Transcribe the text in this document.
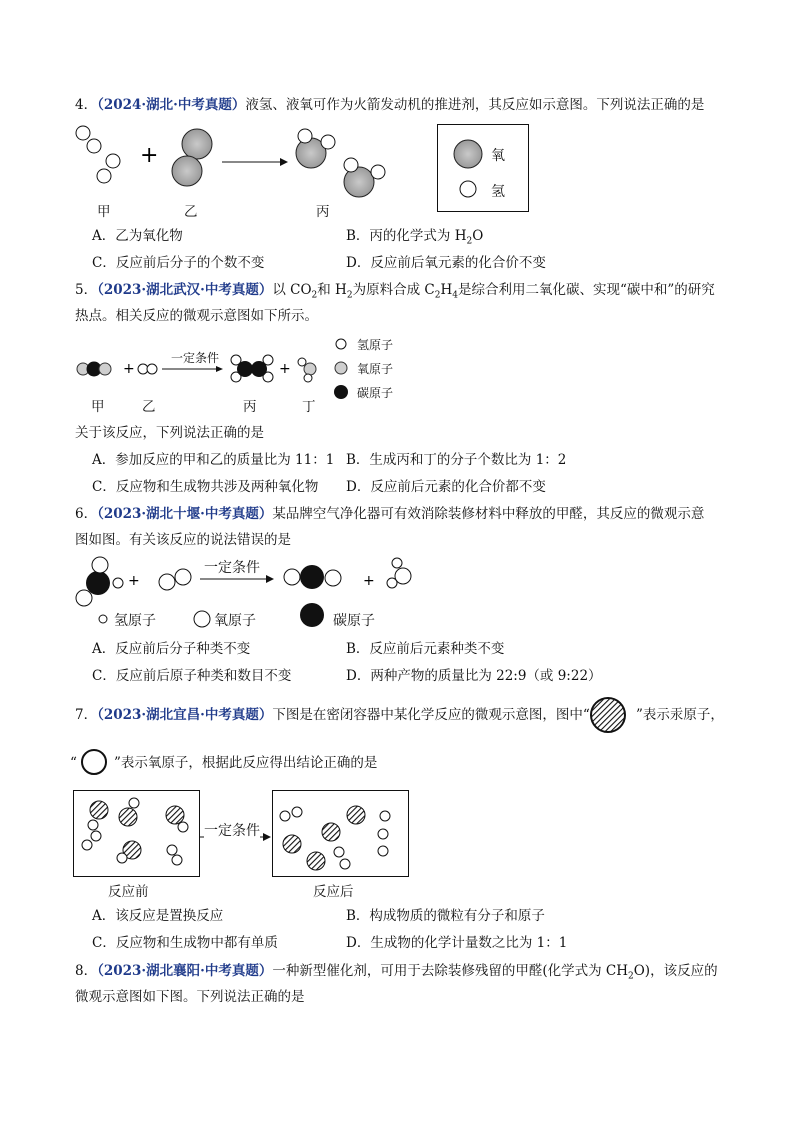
4．（2024·湖北·中考真题）液氢、液氧可作为火箭发动机的推进剂，其反应如示意图。下列说法正确的是
+
甲	乙	丙
氧
氢
A．乙为氧化物	B．丙的化学式为 $H_2O$
C．反应前后分子的个数不变	D．反应前后氧元素的化合价不变
5．（2023·湖北武汉·中考真题）以 $CO_2$和 $H_2$为原料合成 $C_2H_4$是综合利用二氧化碳、实现“碳中和”的研究
热点。相关反应的微观示意图如下所示。
+	+
一定条件
甲	乙	丙	丁
氢原子
氧原子
碳原子
关于该反应，下列说法正确的是
A．参加反应的甲和乙的质量比为 11：1 B．生成丙和丁的分子个数比为 1：2
C．反应物和生成物共涉及两种氧化物 D．反应前后元素的化合价都不变
6．（2023·湖北十堰·中考真题）某品牌空气净化器可有效消除装修材料中释放的甲醛，其反应的微观示意
图如图。有关该反应的说法错误的是
+	+
一定条件
氢原子	氧原子	碳原子
A．反应前后分子种类不变	B．反应前后元素种类不变
C．反应前后原子种类和数目不变	D．两种产物的质量比为 22:9（或 9:22）
7．（2023·湖北宜昌·中考真题）下图是在密闭容器中某化学反应的微观示意图，图中“	”表示汞原子，
“	”表示氧原子，根据此反应得出结论正确的是
一定条件
反应前	反应后
A．该反应是置换反应	B．构成物质的微粒有分子和原子
C．反应物和生成物中都有单质	D．生成物的化学计量数之比为 1：1
8．（2023·湖北襄阳·中考真题）一种新型催化剂，可用于去除装修残留的甲醛(化学式为 $CH_2O$)，该反应的
微观示意图如下图。下列说法正确的是
